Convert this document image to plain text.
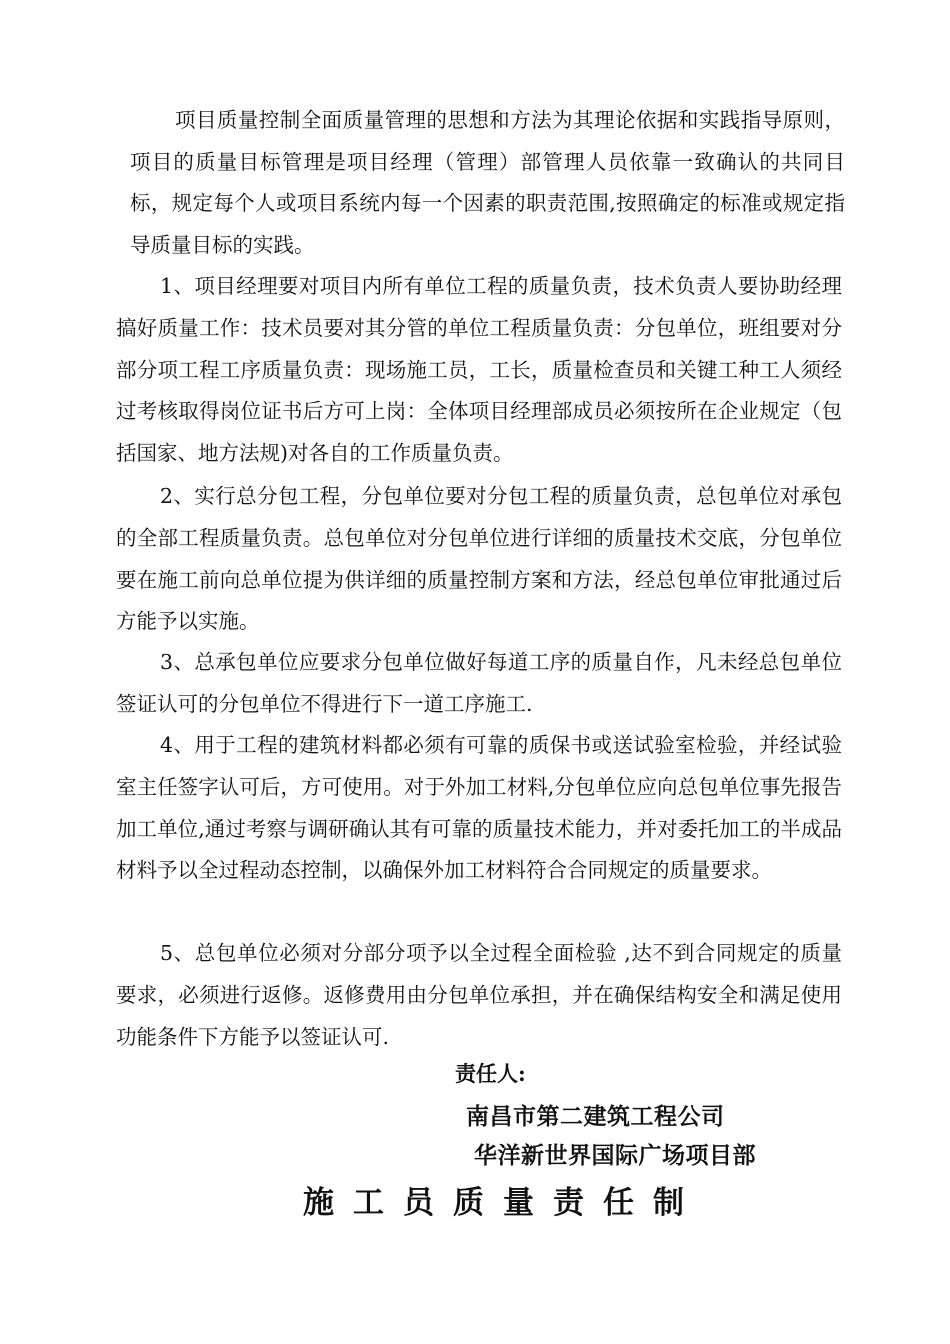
项目质量控制全面质量管理的思想和方法为其理论依据和实践指导原则，项目的质量目标管理是项目经理（管理）部管理人员依靠一致确认的共同目标，规定每个人或项目系统内每一个因素的职责范围,按照确定的标准或规定指导质量目标的实践。

1、项目经理要对项目内所有单位工程的质量负责，技术负责人要协助经理搞好质量工作：技术员要对其分管的单位工程质量负责：分包单位，班组要对分部分项工程工序质量负责：现场施工员，工长，质量检查员和关键工种工人须经过考核取得岗位证书后方可上岗：全体项目经理部成员必须按所在企业规定（包括国家、地方法规)对各自的工作质量负责。

2、实行总分包工程，分包单位要对分包工程的质量负责，总包单位对承包的全部工程质量负责。总包单位对分包单位进行详细的质量技术交底，分包单位要在施工前向总单位提为供详细的质量控制方案和方法，经总包单位审批通过后方能予以实施。

3、总承包单位应要求分包单位做好每道工序的质量自作，凡未经总包单位签证认可的分包单位不得进行下一道工序施工.

4、用于工程的建筑材料都必须有可靠的质保书或送试验室检验，并经试验室主任签字认可后，方可使用。对于外加工材料,分包单位应向总包单位事先报告加工单位,通过考察与调研确认其有可靠的质量技术能力，并对委托加工的半成品材料予以全过程动态控制，以确保外加工材料符合合同规定的质量要求。

5、总包单位必须对分部分项予以全过程全面检验 ,达不到合同规定的质量要求，必须进行返修。返修费用由分包单位承担，并在确保结构安全和满足使用功能条件下方能予以签证认可.

责任人:

南昌市第二建筑工程公司

华洋新世界国际广场项目部

施工员质量责任制
